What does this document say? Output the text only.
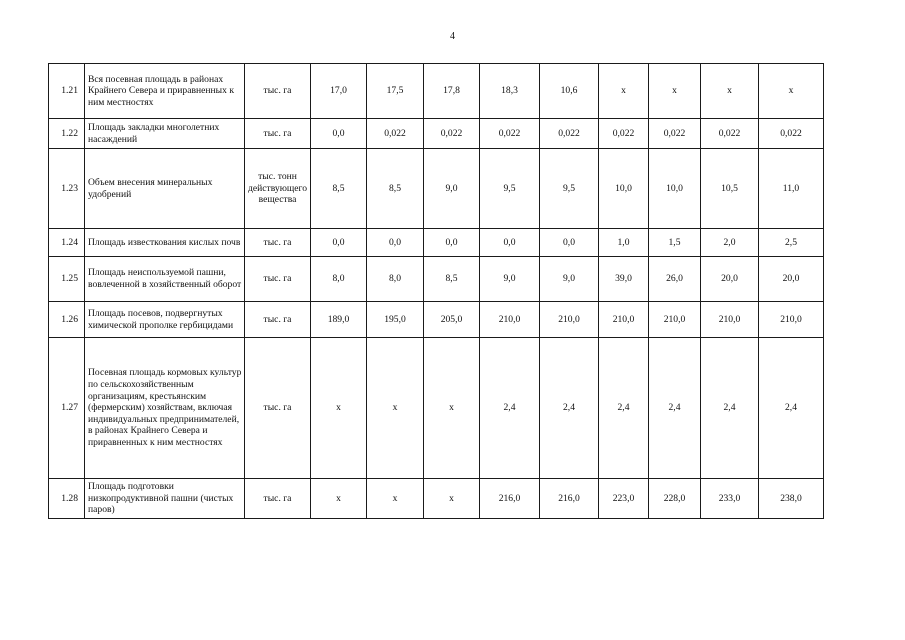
4
1.21	Вся посевная площадь в районах Крайнего Севера и приравненных к ним местностях	тыс. га	17,0	17,5	17,8	18,3	10,6	x	x	x	x
1.22	Площадь закладки многолетних насаждений	тыс. га	0,0	0,022	0,022	0,022	0,022	0,022	0,022	0,022	0,022
1.23	Объем внесения минеральных удобрений	тыс. тонн действующего вещества	8,5	8,5	9,0	9,5	9,5	10,0	10,0	10,5	11,0
1.24	Площадь известкования кислых почв	тыс. га	0,0	0,0	0,0	0,0	0,0	1,0	1,5	2,0	2,5
1.25	Площадь неиспользуемой пашни, вовлеченной в хозяйственный оборот	тыс. га	8,0	8,0	8,5	9,0	9,0	39,0	26,0	20,0	20,0
1.26	Площадь посевов, подвергнутых химической прополке гербицидами	тыс. га	189,0	195,0	205,0	210,0	210,0	210,0	210,0	210,0	210,0
1.27	Посевная площадь кормовых культур по сельскохозяйственным организациям, крестьянским (фермерским) хозяйствам, включая индивидуальных предпринимателей, в районах Крайнего Севера и приравненных к ним местностях	тыс. га	x	x	x	2,4	2,4	2,4	2,4	2,4	2,4
1.28	Площадь подготовки низкопродуктивной пашни (чистых паров)	тыс. га	x	x	x	216,0	216,0	223,0	228,0	233,0	238,0
